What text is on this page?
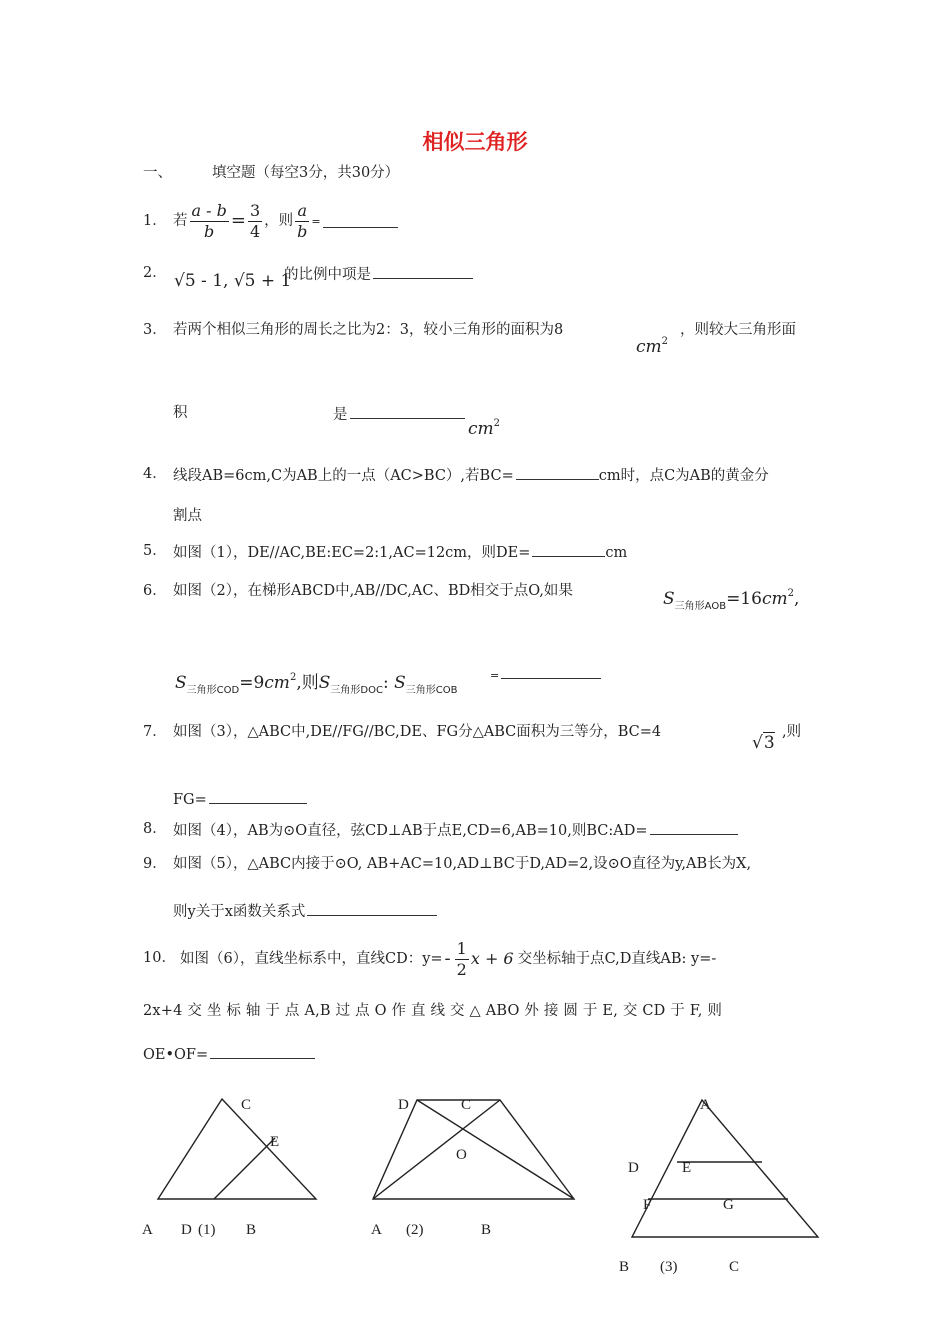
相似三角形
一、	填空题（每空3分，共30分）
1． 若 $\frac{a - b}{b} = \frac{3}{4}$ ，则 $\frac{a}{b}$ =
2． √5 - 1, √5 + 1
的比例中项是
3． 若两个相似三角形的周长之比为2：3，较小三角形的面积为8
$cm^2$
，则较大三角形面
积	是
$cm^2$
4． 线段AB=6cm,C为AB上的一点（AC>BC）,若BC=	cm时，点C为AB的黄金分
割点
5． 如图（1），DE//AC,BE:EC=2:1,AC=12cm，则DE=	cm
6． 如图（2），在梯形ABCD中,AB//DC,AC、BD相交于点O,如果	$S_{三角形AOB}=16cm^2$,
$S_{三角形COD}=9cm^2$,则$S_{三角形DOC}$: $S_{三角形COB}$
=
7． 如图（3），△ABC中,DE//FG//BC,DE、FG分△ABC面积为三等分，BC=4
√3
,则
FG=
8． 如图（4），AB为⊙O直径，弦CD⊥AB于点E,CD=6,AB=10,则BC:AD=
9． 如图（5），△ABC内接于⊙O, AB+AC=10,AD⊥BC于D,AD=2,设⊙O直径为y,AB长为X,
则y关于x函数关系式
10． 如图（6），直线坐标系中，直线CD：$y= - \frac{1}{2}$ x + 6 交坐标轴于点C,D直线AB: y=-
2x+4 交 坐 标 轴 于 点 A,B 过 点 O 作 直 线 交 △ ABO 外 接 圆 于 E, 交 CD 于 F, 则
OE•OF=
C
E
A D (1) B
D	C
O
A (2)	B
A
D	E
F	G
B (3)	C
